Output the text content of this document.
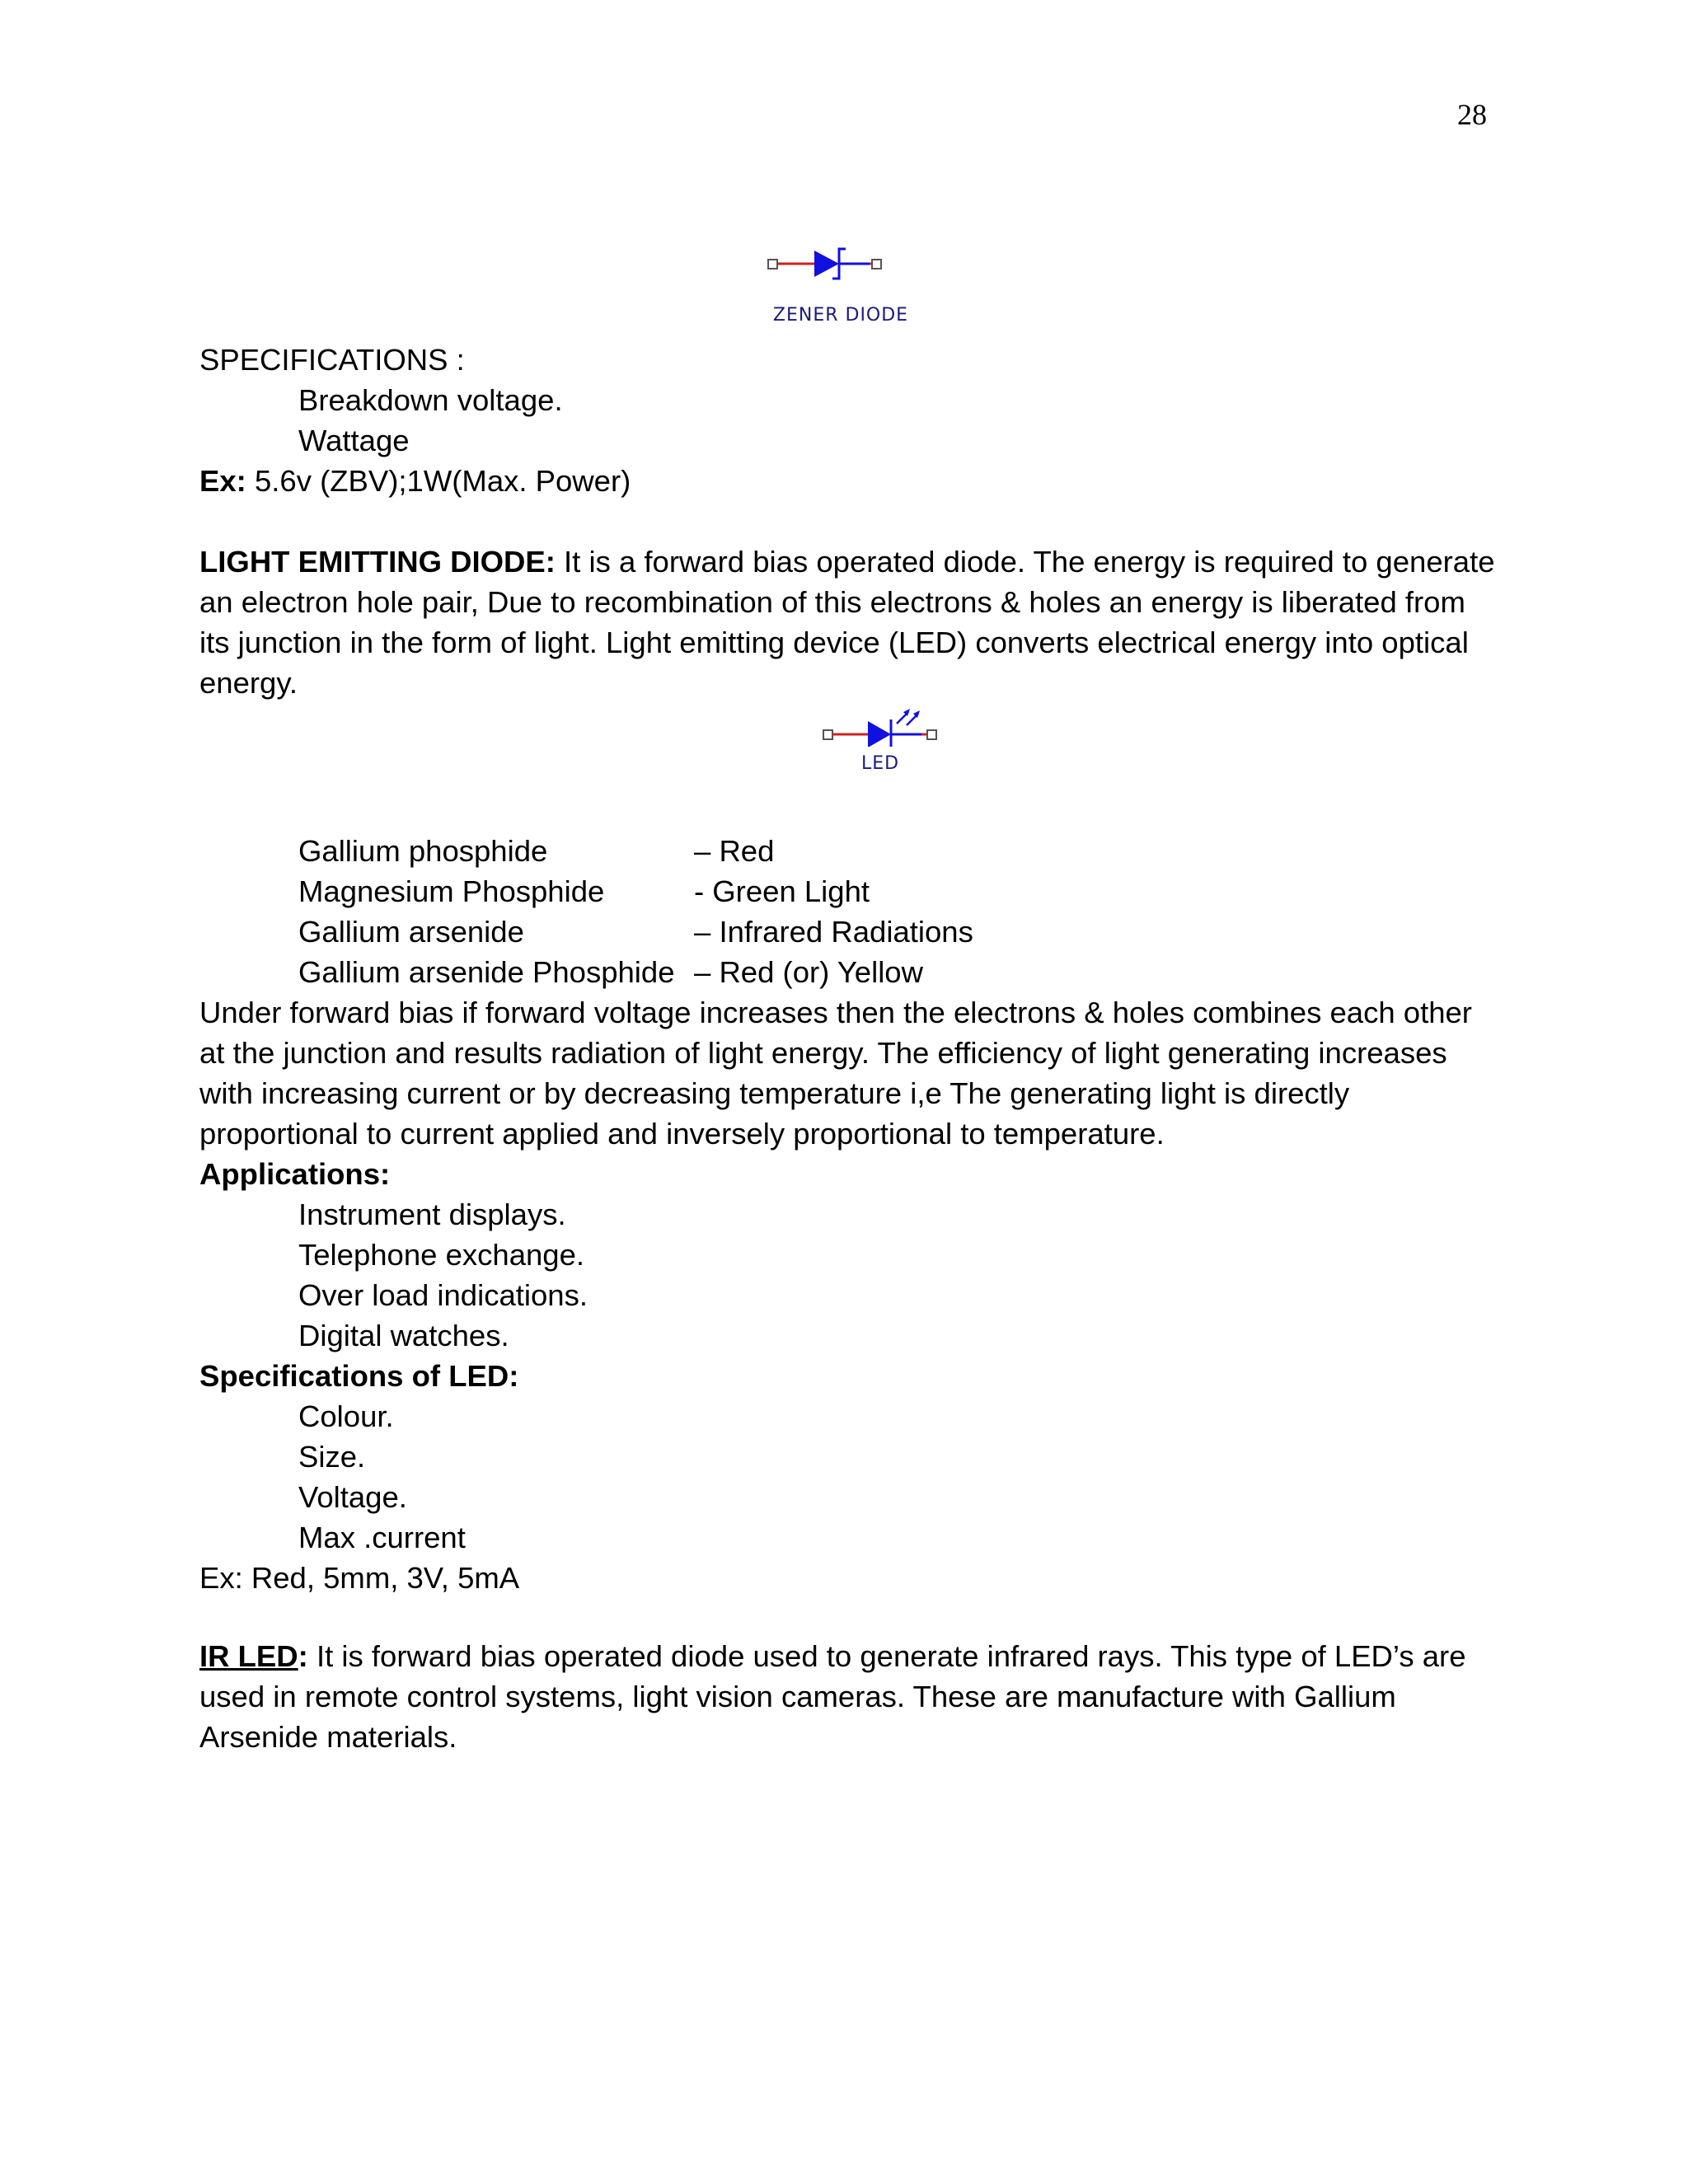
28
ZENER DIODE
SPECIFICATIONS :
Breakdown voltage.
Wattage
Ex: 5.6v (ZBV);1W(Max. Power)
LIGHT EMITTING DIODE: It is a forward bias operated diode. The energy is required to generate an electron hole pair, Due to recombination of this electrons & holes an energy is liberated from its junction in the form of light. Light emitting device (LED) converts electrical energy into optical energy.
LED
Gallium phosphide	– Red
Magnesium Phosphide	- Green Light
Gallium arsenide	– Infrared Radiations
Gallium arsenide Phosphide – Red (or) Yellow
Under forward bias if forward voltage increases then the electrons & holes combines each other at the junction and results radiation of light energy. The efficiency of light generating increases with increasing current or by decreasing temperature i,e The generating light is directly proportional to current applied and inversely proportional to temperature.
Applications:
Instrument displays.
Telephone exchange.
Over load indications.
Digital watches.
Specifications of LED:
Colour.
Size.
Voltage.
Max .current
Ex: Red, 5mm, 3V, 5mA
IR LED: It is forward bias operated diode used to generate infrared rays. This type of LED’s are used in remote control systems, light vision cameras. These are manufacture with Gallium Arsenide materials.
